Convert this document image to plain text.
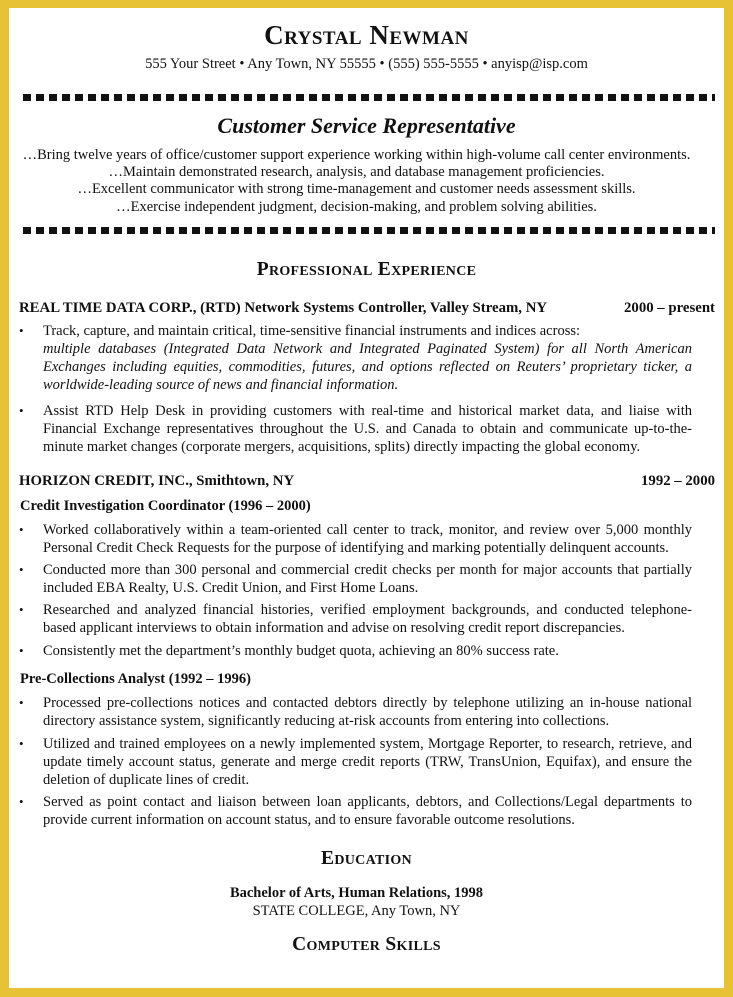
Crystal Newman
555 Your Street • Any Town, NY 55555 • (555) 555-5555 • anyisp@isp.com
Customer Service Representative
…Bring twelve years of office/customer support experience working within high-volume call center environments.
…Maintain demonstrated research, analysis, and database management proficiencies.
…Excellent communicator with strong time-management and customer needs assessment skills.
…Exercise independent judgment, decision-making, and problem solving abilities.
Professional Experience
REAL TIME DATA CORP., (RTD) Network Systems Controller, Valley Stream, NY	2000 – present
•	Track, capture, and maintain critical, time-sensitive financial instruments and indices across:
multiple databases (Integrated Data Network and Integrated Paginated System) for all North American Exchanges including equities, commodities, futures, and options reflected on Reuters’ proprietary ticker, a worldwide-leading source of news and financial information.
•	Assist RTD Help Desk in providing customers with real-time and historical market data, and liaise with Financial Exchange representatives throughout the U.S. and Canada to obtain and communicate up-to-the-minute market changes (corporate mergers, acquisitions, splits) directly impacting the global economy.
HORIZON CREDIT, INC., Smithtown, NY	1992 – 2000
Credit Investigation Coordinator (1996 – 2000)
•	Worked collaboratively within a team-oriented call center to track, monitor, and review over 5,000 monthly Personal Credit Check Requests for the purpose of identifying and marking potentially delinquent accounts.
•	Conducted more than 300 personal and commercial credit checks per month for major accounts that partially included EBA Realty, U.S. Credit Union, and First Home Loans.
•	Researched and analyzed financial histories, verified employment backgrounds, and conducted telephone-based applicant interviews to obtain information and advise on resolving credit report discrepancies.
•	Consistently met the department’s monthly budget quota, achieving an 80% success rate.
Pre-Collections Analyst (1992 – 1996)
•	Processed pre-collections notices and contacted debtors directly by telephone utilizing an in-house national directory assistance system, significantly reducing at-risk accounts from entering into collections.
•	Utilized and trained employees on a newly implemented system, Mortgage Reporter, to research, retrieve, and update timely account status, generate and merge credit reports (TRW, TransUnion, Equifax), and ensure the deletion of duplicate lines of credit.
•	Served as point contact and liaison between loan applicants, debtors, and Collections/Legal departments to provide current information on account status, and to ensure favorable outcome resolutions.
Education
Bachelor of Arts, Human Relations, 1998
STATE COLLEGE, Any Town, NY
Computer Skills
